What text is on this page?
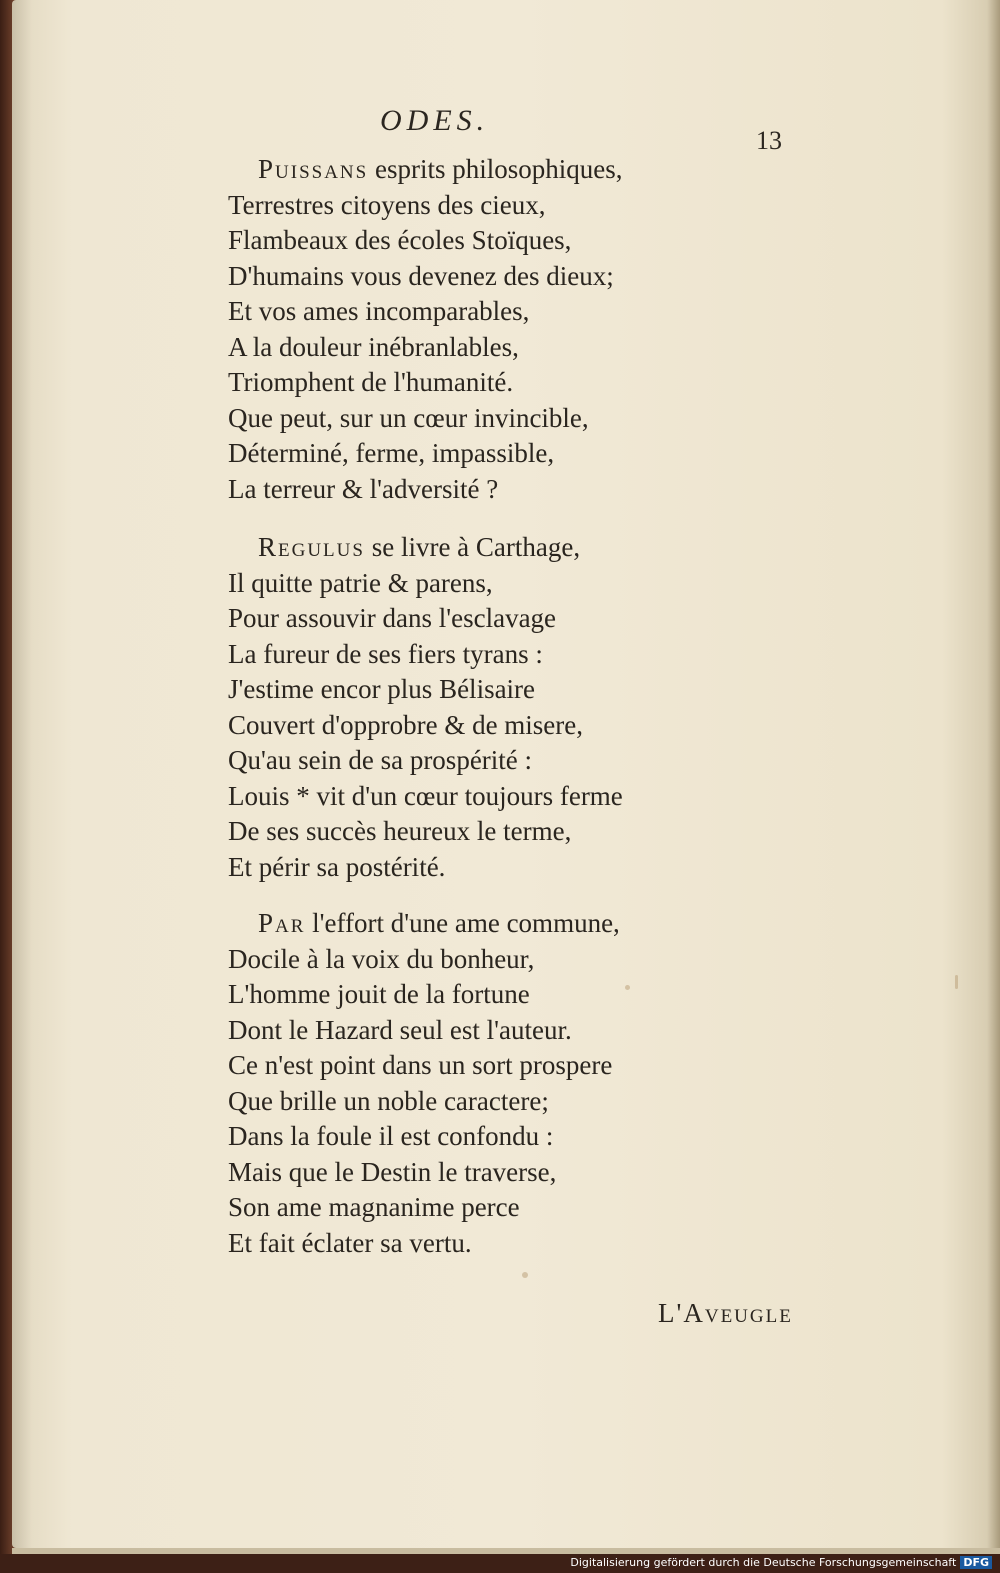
ODES.
13
Puissans esprits philosophiques,
Terrestres citoyens des cieux,
Flambeaux des écoles Stoïques,
D'humains vous devenez des dieux;
Et vos ames incomparables,
A la douleur inébranlables,
Triomphent de l'humanité.
Que peut, sur un cœur invincible,
Déterminé, ferme, impassible,
La terreur & l'adversité ?
Regulus se livre à Carthage,
Il quitte patrie & parens,
Pour assouvir dans l'esclavage
La fureur de ses fiers tyrans :
J'estime encor plus Bélisaire
Couvert d'opprobre & de misere,
Qu'au sein de sa prospérité :
Louis * vit d'un cœur toujours ferme
De ses succès heureux le terme,
Et périr sa postérité.
Par l'effort d'une ame commune,
Docile à la voix du bonheur,
L'homme jouit de la fortune
Dont le Hazard seul est l'auteur.
Ce n'est point dans un sort prospere
Que brille un noble caractere;
Dans la foule il est confondu :
Mais que le Destin le traverse,
Son ame magnanime perce
Et fait éclater sa vertu.
L'Aveugle
Digitalisierung gefördert durch die Deutsche Forschungsgemeinschaft DFG
